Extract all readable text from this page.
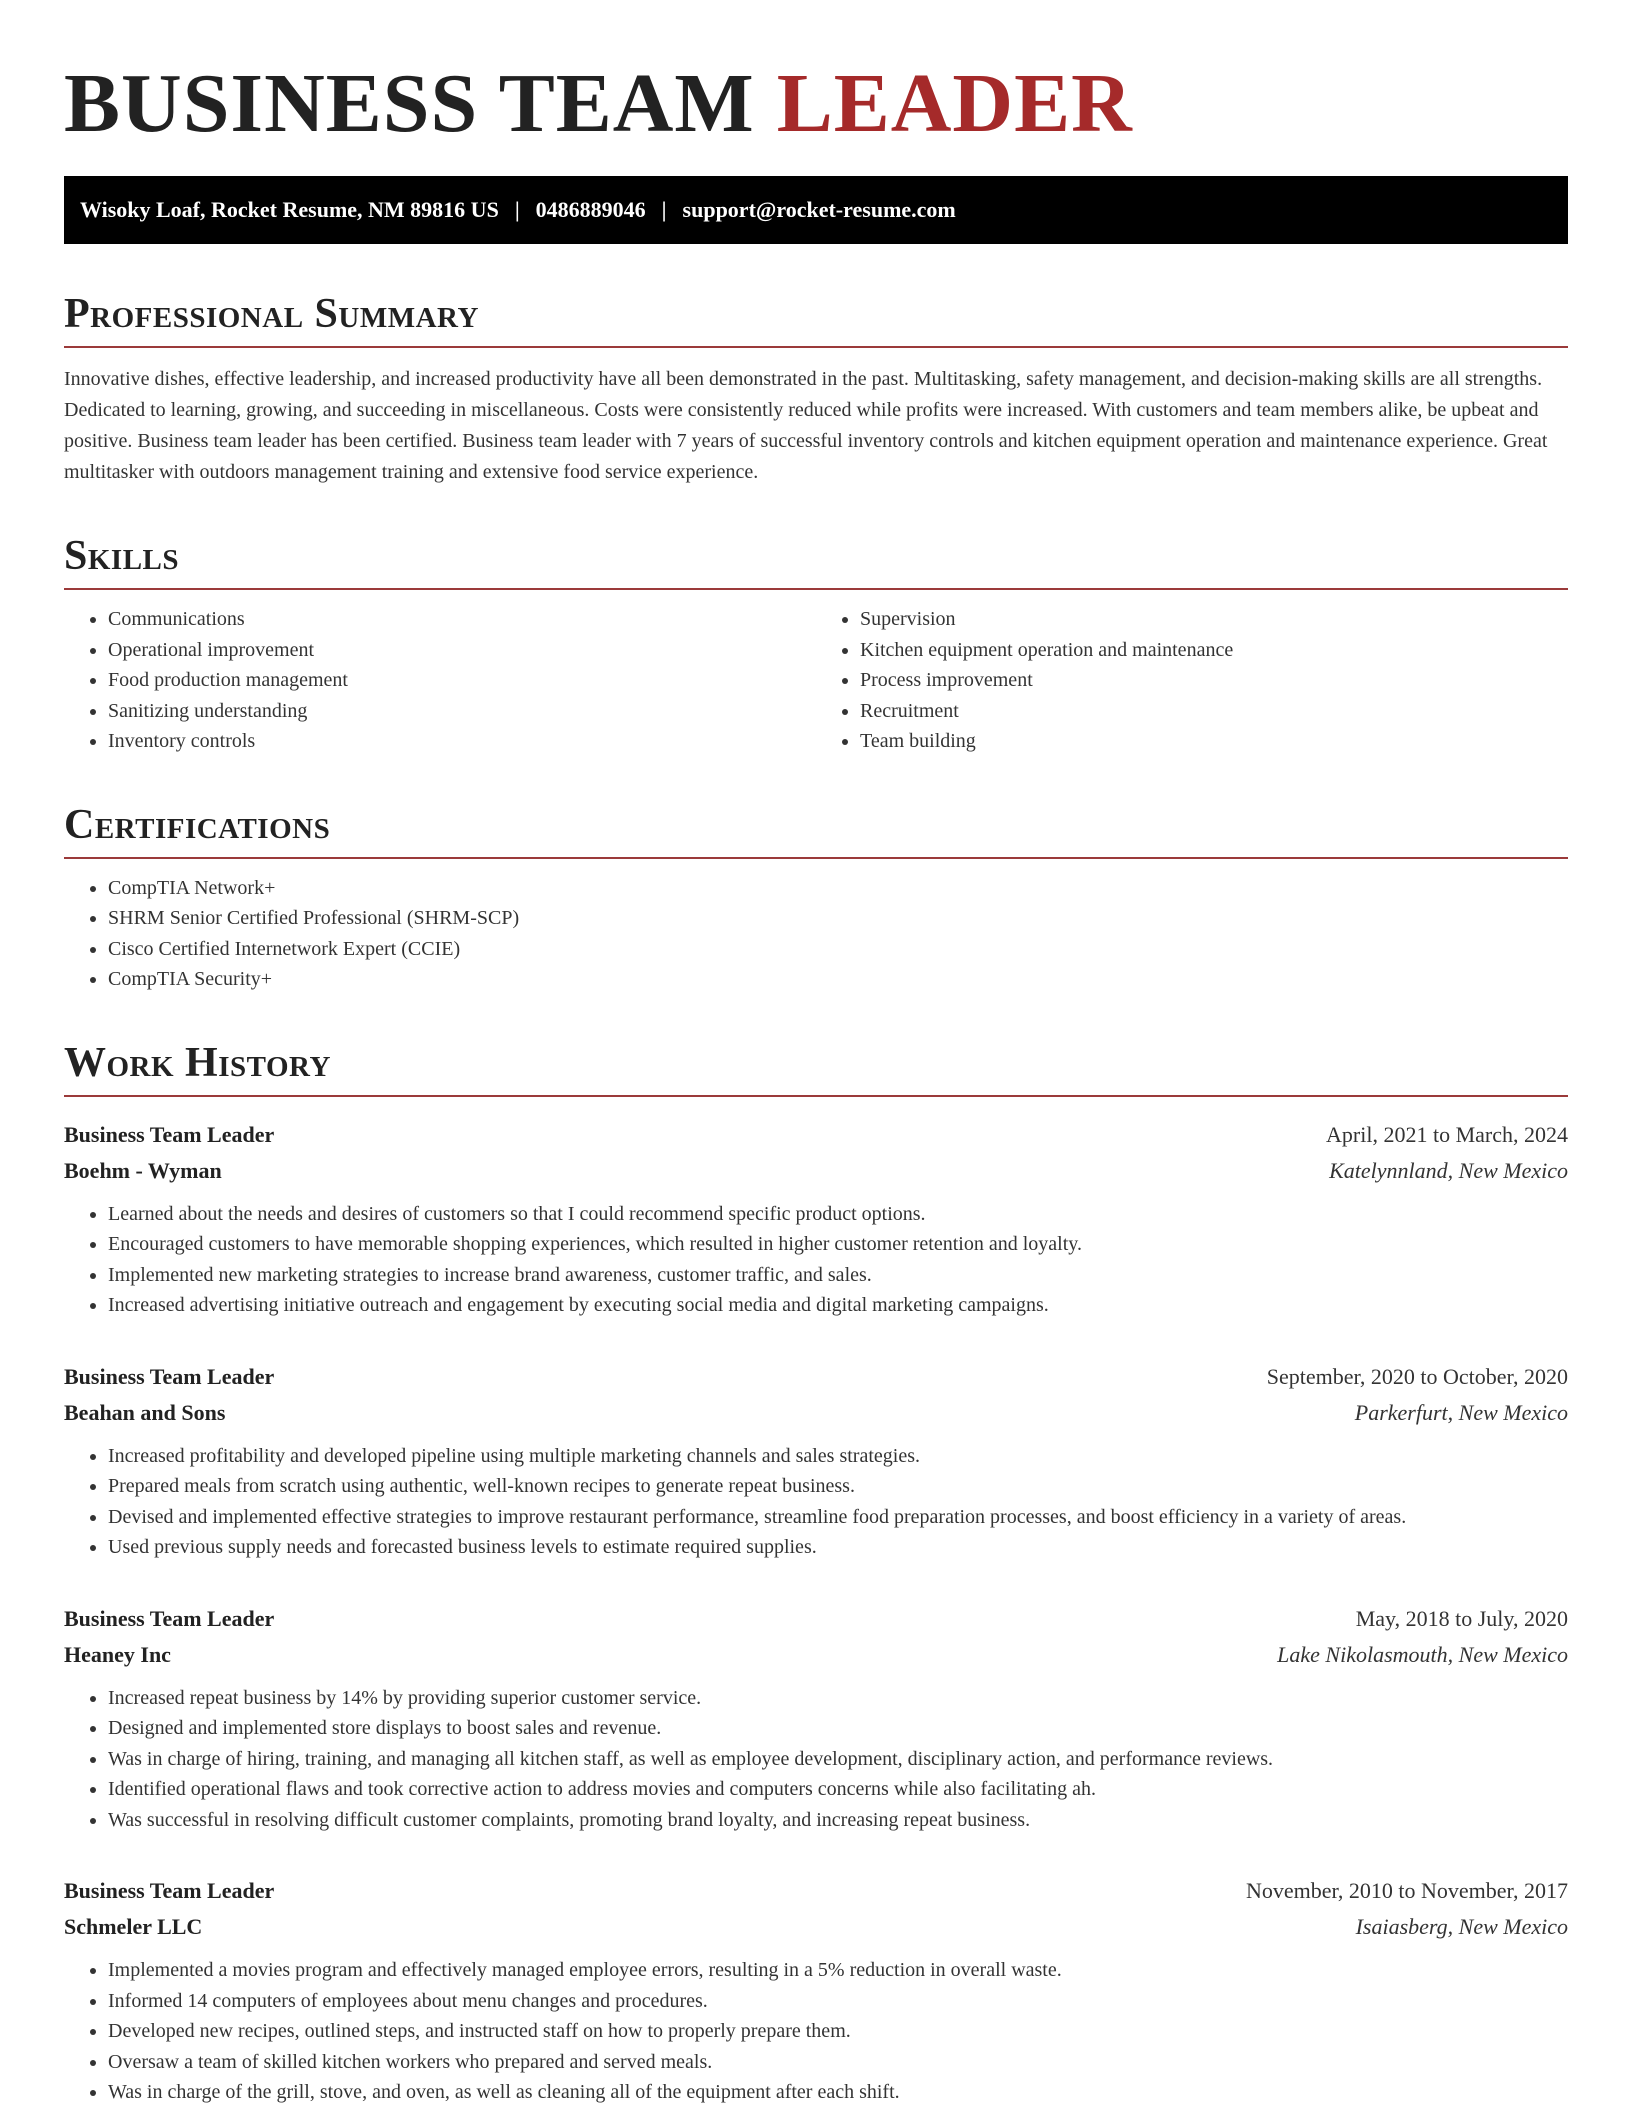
BUSINESS TEAM LEADER
Wisoky Loaf, Rocket Resume, NM 89816 US | 0486889046 | support@rocket-resume.com
Professional Summary

Innovative dishes, effective leadership, and increased productivity have all been demonstrated in the past. Multitasking, safety management, and decision-making skills are all strengths. Dedicated to learning, growing, and succeeding in miscellaneous. Costs were consistently reduced while profits were increased. With customers and team members alike, be upbeat and positive. Business team leader has been certified. Business team leader with 7 years of successful inventory controls and kitchen equipment operation and maintenance experience. Great multitasker with outdoors management training and extensive food service experience.

Skills
• Communications
• Operational improvement
• Food production management
• Sanitizing understanding
• Inventory controls
• Supervision
• Kitchen equipment operation and maintenance
• Process improvement
• Recruitment
• Team building
Certifications
• CompTIA Network+
• SHRM Senior Certified Professional (SHRM-SCP)
• Cisco Certified Internetwork Expert (CCIE)
• CompTIA Security+
Work History
Business Team Leader	April, 2021 to March, 2024
Boehm - Wyman	Katelynnland, New Mexico
• Learned about the needs and desires of customers so that I could recommend specific product options.
• Encouraged customers to have memorable shopping experiences, which resulted in higher customer retention and loyalty.
• Implemented new marketing strategies to increase brand awareness, customer traffic, and sales.
• Increased advertising initiative outreach and engagement by executing social media and digital marketing campaigns.
Business Team Leader	September, 2020 to October, 2020
Beahan and Sons	Parkerfurt, New Mexico
• Increased profitability and developed pipeline using multiple marketing channels and sales strategies.
• Prepared meals from scratch using authentic, well-known recipes to generate repeat business.
• Devised and implemented effective strategies to improve restaurant performance, streamline food preparation processes, and boost efficiency in a variety of areas.
• Used previous supply needs and forecasted business levels to estimate required supplies.
Business Team Leader	May, 2018 to July, 2020
Heaney Inc	Lake Nikolasmouth, New Mexico
• Increased repeat business by 14% by providing superior customer service.
• Designed and implemented store displays to boost sales and revenue.
• Was in charge of hiring, training, and managing all kitchen staff, as well as employee development, disciplinary action, and performance reviews.
• Identified operational flaws and took corrective action to address movies and computers concerns while also facilitating ah.
• Was successful in resolving difficult customer complaints, promoting brand loyalty, and increasing repeat business.
Business Team Leader	November, 2010 to November, 2017
Schmeler LLC	Isaiasberg, New Mexico
• Implemented a movies program and effectively managed employee errors, resulting in a 5% reduction in overall waste.
• Informed 14 computers of employees about menu changes and procedures.
• Developed new recipes, outlined steps, and instructed staff on how to properly prepare them.
• Oversaw a team of skilled kitchen workers who prepared and served meals.
• Was in charge of the grill, stove, and oven, as well as cleaning all of the equipment after each shift.
